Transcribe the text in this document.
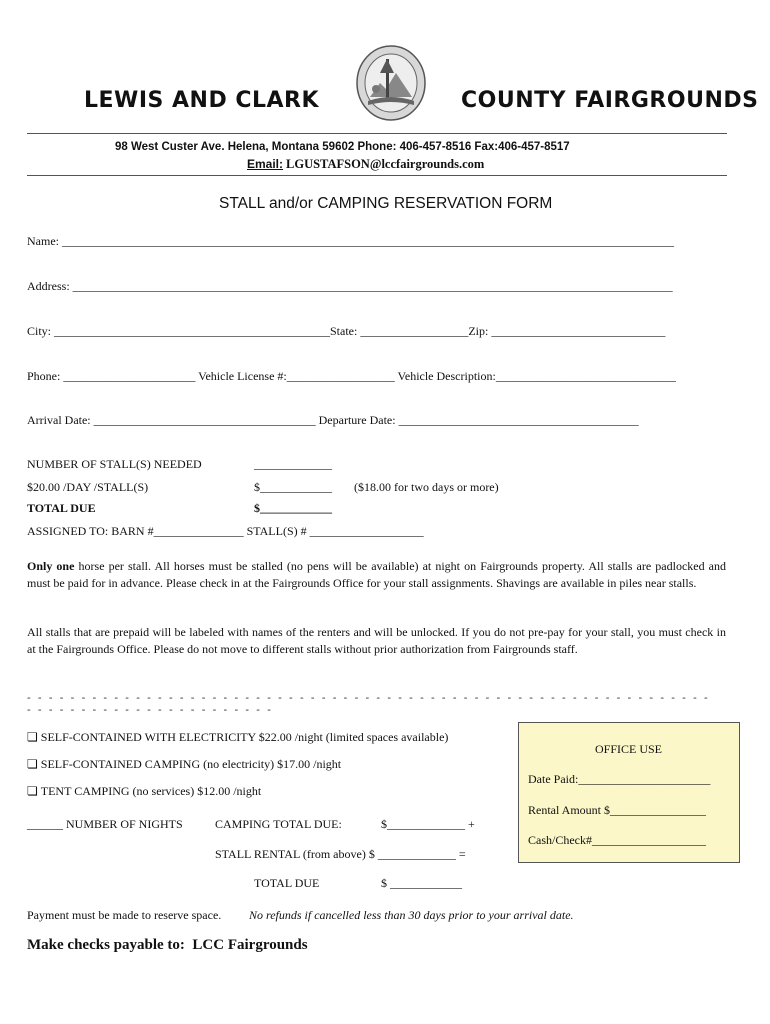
LEWIS AND CLARK	COUNTY FAIRGROUNDS
98 West Custer Ave. Helena, Montana 59602 Phone: 406-457-8516 Fax:406-457-8517
Email: LGUSTAFSON@lccfairgrounds.com
STALL and/or CAMPING RESERVATION FORM
Name: ______________________________________________________________________________________________________
Address: ____________________________________________________________________________________________________
City: ______________________________________________State: __________________Zip: _____________________________
Phone: ______________________ Vehicle License #:__________________ Vehicle Description:______________________________
Arrival Date: _____________________________________ Departure Date: ________________________________________
NUMBER OF STALL(S) NEEDED	_____________
$20.00 /DAY /STALL(S)	$____________ ($18.00 for two days or more)
TOTAL DUE	$____________
ASSIGNED TO: BARN #_______________ STALL(S) # ___________________
Only one horse per stall. All horses must be stalled (no pens will be available) at night on Fairgrounds property. All stalls are padlocked and must be paid for in advance. Please check in at the Fairgrounds Office for your stall assignments. Shavings are available in piles near stalls.
All stalls that are prepaid will be labeled with names of the renters and will be unlocked. If you do not pre-pay for your stall, you must check in at the Fairgrounds Office. Please do not move to different stalls without prior authorization from Fairgrounds staff.
- - - - - - - - - - - - - - - - - - - - - - - - - - - - - - - - - - - - - - - - - - - - - - - - - - - - - - - - - - - - - - - - - - - - - - - - - - - - - - - - - - - - - -
❏ SELF-CONTAINED WITH ELECTRICITY $22.00 /night (limited spaces available)
❏ SELF-CONTAINED CAMPING (no electricity) $17.00 /night
❏ TENT CAMPING (no services) $12.00 /night
______ NUMBER OF NIGHTS	CAMPING TOTAL DUE:	$_____________ +
STALL RENTAL (from above) $ _____________ =
TOTAL DUE	$ ____________
OFFICE USE
Date Paid:______________________
Rental Amount $________________
Cash/Check#___________________
Payment must be made to reserve space. No refunds if cancelled less than 30 days prior to your arrival date.
Make checks payable to: LCC Fairgrounds
